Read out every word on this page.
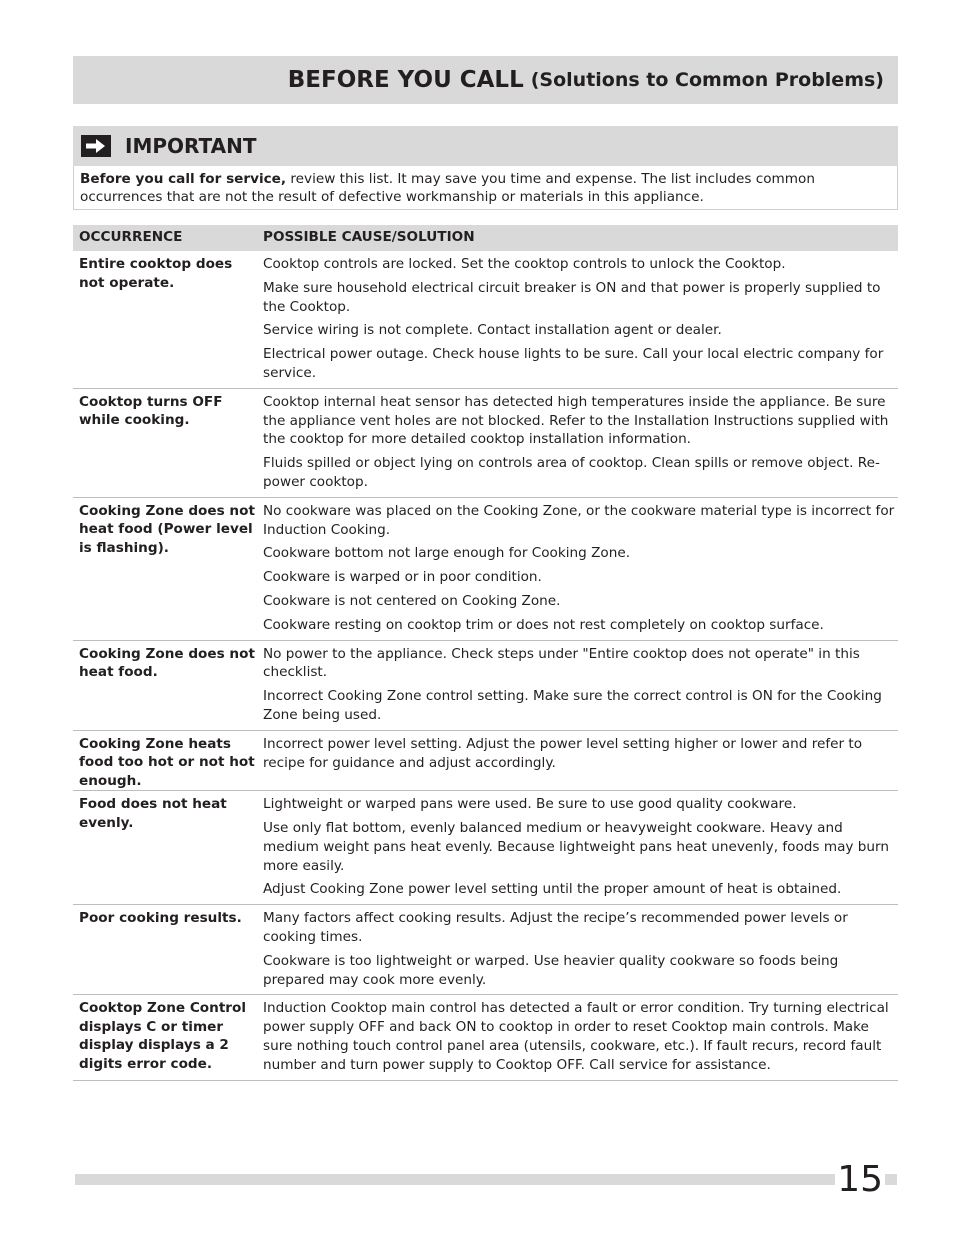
BEFORE YOU CALL (Solutions to Common Problems)
IMPORTANT
Before you call for service, review this list. It may save you time and expense. The list includes common occurrences that are not the result of defective workmanship or materials in this appliance.
OCCURRENCE	POSSIBLE CAUSE/SOLUTION
Entire cooktop does not operate.
Cooktop controls are locked. Set the cooktop controls to unlock the Cooktop.
Make sure household electrical circuit breaker is ON and that power is properly supplied to the Cooktop.
Service wiring is not complete. Contact installation agent or dealer.
Electrical power outage. Check house lights to be sure. Call your local electric company for service.
Cooktop turns OFF while cooking.
Cooktop internal heat sensor has detected high temperatures inside the appliance. Be sure the appliance vent holes are not blocked. Refer to the Installation Instructions supplied with the cooktop for more detailed cooktop installation information.
Fluids spilled or object lying on controls area of cooktop. Clean spills or remove object. Re-power cooktop.
Cooking Zone does not heat food (Power level is flashing).
No cookware was placed on the Cooking Zone, or the cookware material type is incorrect for Induction Cooking.
Cookware bottom not large enough for Cooking Zone.
Cookware is warped or in poor condition.
Cookware is not centered on Cooking Zone.
Cookware resting on cooktop trim or does not rest completely on cooktop surface.
Cooking Zone does not heat food.
No power to the appliance. Check steps under "Entire cooktop does not operate" in this checklist.
Incorrect Cooking Zone control setting. Make sure the correct control is ON for the Cooking Zone being used.
Cooking Zone heats food too hot or not hot enough.
Incorrect power level setting. Adjust the power level setting higher or lower and refer to recipe for guidance and adjust accordingly.
Food does not heat evenly.
Lightweight or warped pans were used. Be sure to use good quality cookware.
Use only flat bottom, evenly balanced medium or heavyweight cookware. Heavy and medium weight pans heat evenly. Because lightweight pans heat unevenly, foods may burn more easily.
Adjust Cooking Zone power level setting until the proper amount of heat is obtained.
Poor cooking results.	Many factors affect cooking results. Adjust the recipe’s recommended power levels or cooking times.
Cookware is too lightweight or warped. Use heavier quality cookware so foods being prepared may cook more evenly.
Cooktop Zone Control displays C or timer display displays a 2 digits error code.
Induction Cooktop main control has detected a fault or error condition. Try turning electrical power supply OFF and back ON to cooktop in order to reset Cooktop main controls. Make sure nothing touch control panel area (utensils, cookware, etc.). If fault recurs, record fault number and turn power supply to Cooktop OFF. Call service for assistance.
15
